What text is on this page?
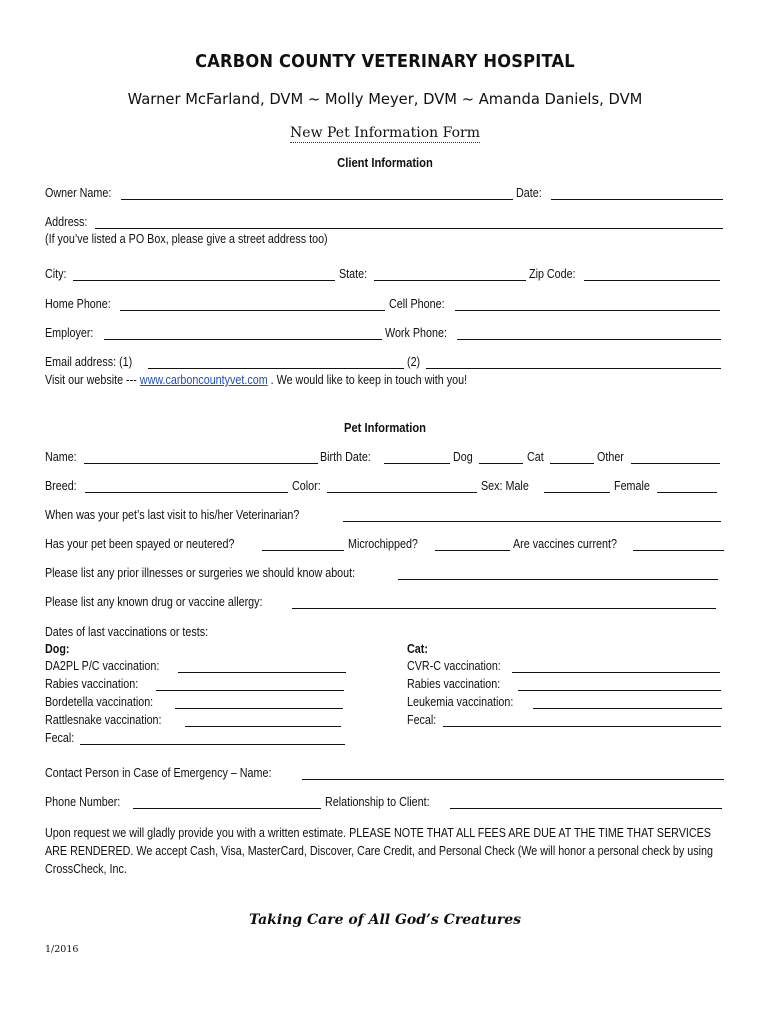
CARBON COUNTY VETERINARY HOSPITAL
Warner McFarland, DVM ~ Molly Meyer, DVM ~ Amanda Daniels, DVM
New Pet Information Form
Client Information
Owner Name:	Date:
Address:
(If you’ve listed a PO Box, please give a street address too)
City:	State:	Zip Code:
Home Phone:	Cell Phone:
Employer:	Work Phone:
Email address: (1)	(2)
Visit our website --- www.carboncountyvet.com . We would like to keep in touch with you!
Pet Information
Name:	Birth Date:	Dog	Cat	Other
Breed:	Color:	Sex: Male	Female
When was your pet’s last visit to his/her Veterinarian?
Has your pet been spayed or neutered?	Microchipped?	Are vaccines current?
Please list any prior illnesses or surgeries we should know about:
Please list any known drug or vaccine allergy:
Dates of last vaccinations or tests:
Dog:
DA2PL P/C vaccination:
Rabies vaccination:
Bordetella vaccination:
Rattlesnake vaccination:
Fecal:
Cat:
CVR-C vaccination:
Rabies vaccination:
Leukemia vaccination:
Fecal:
Contact Person in Case of Emergency – Name:
Phone Number:	Relationship to Client:
Upon request we will gladly provide you with a written estimate. PLEASE NOTE THAT ALL FEES ARE DUE AT THE TIME THAT SERVICES ARE RENDERED. We accept Cash, Visa, MasterCard, Discover, Care Credit, and Personal Check (We will honor a personal check by using CrossCheck, Inc.
Taking Care of All God’s Creatures
1/2016
